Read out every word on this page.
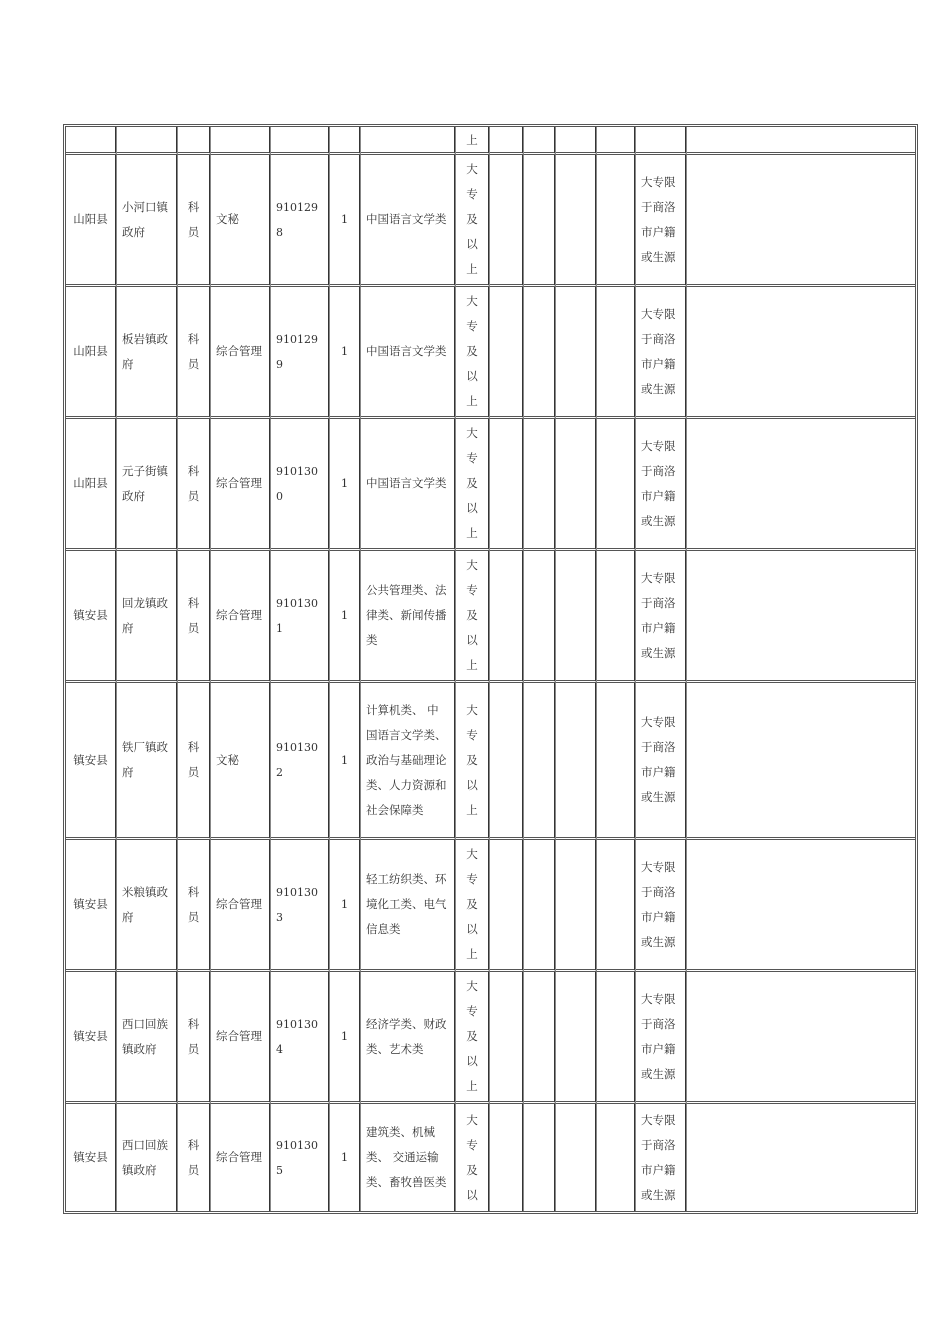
							上						

山阳县	小河口镇政府	科员	文秘	9101298	1	中国语言文学类	大专及以上					大专限于商洛市户籍或生源	

山阳县	板岩镇政府	科员	综合管理	9101299	1	中国语言文学类	大专及以上					大专限于商洛市户籍或生源	

山阳县	元子街镇政府	科员	综合管理	9101300	1	中国语言文学类	大专及以上					大专限于商洛市户籍或生源	

镇安县	回龙镇政府	科员	综合管理	9101301	1	公共管理类、法律类、新闻传播类	大专及以上					大专限于商洛市户籍或生源	

镇安县	铁厂镇政府	科员	文秘	9101302	1	计算机类、 中国语言文学类、政治与基础理论类、人力资源和社会保障类	大专及以上					大专限于商洛市户籍或生源	

镇安县	米粮镇政府	科员	综合管理	9101303	1	轻工纺织类、环境化工类、电气信息类	大专及以上					大专限于商洛市户籍或生源	

镇安县	西口回族镇政府	科员	综合管理	9101304	1	经济学类、财政类、艺术类	大专及以上					大专限于商洛市户籍或生源	

镇安县	西口回族镇政府	科员	综合管理	9101305	1	建筑类、机械类、 交通运输类、畜牧兽医类	大专及以					大专限于商洛市户籍或生源	
